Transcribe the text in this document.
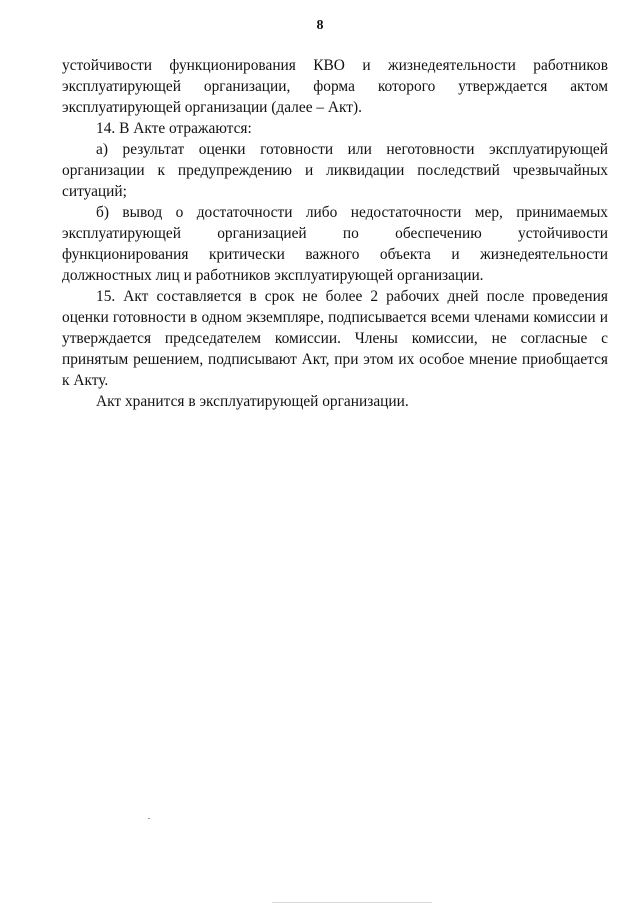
8

устойчивости функционирования КВО и жизнедеятельности работников

эксплуатирующей организации, форма которого утверждается актом

эксплуатирующей организации (далее – Акт).

14. В Акте отражаются:

а) результат оценки готовности или неготовности эксплуатирующей организации к предупреждению и ликвидации последствий чрезвычайных ситуаций;

б) вывод о достаточности либо недостаточности мер, принимаемых эксплуатирующей организацией по обеспечению устойчивости функционирования критически важного объекта и жизнедеятельности должностных лиц и работников эксплуатирующей организации.

15. Акт составляется в срок не более 2 рабочих дней после проведения оценки готовности в одном экземпляре, подписывается всеми членами комиссии и утверждается председателем комиссии. Члены комиссии, не согласные с принятым решением, подписывают Акт, при этом их особое мнение приобщается к Акту.

Акт хранится в эксплуатирующей организации.
